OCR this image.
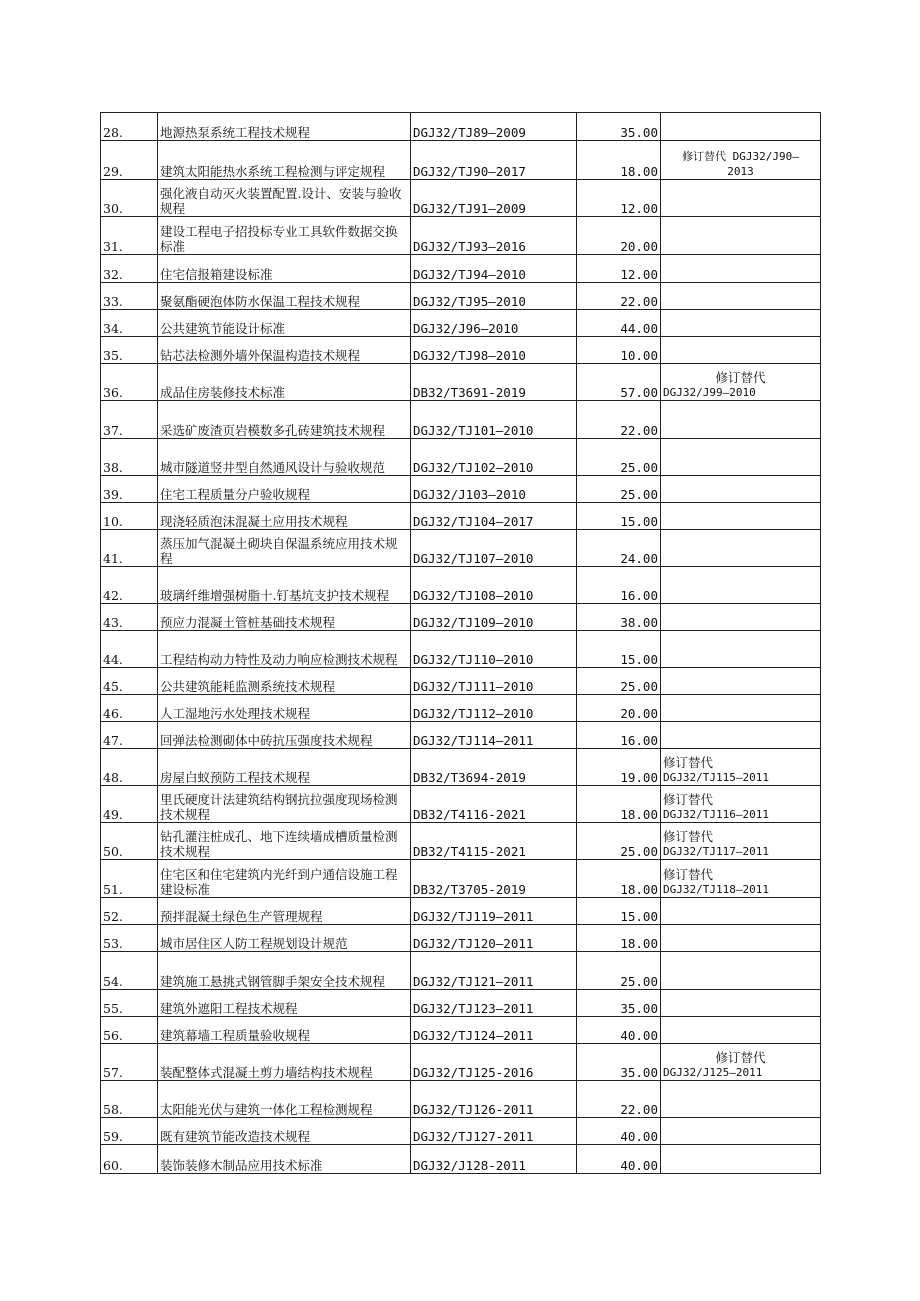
28.	地源热泵系统工程技术规程	DGJ32/TJ89—2009	35.00	
29.	建筑太阳能热水系统工程检测与评定规程	DGJ32/TJ90—2017	18.00	修订替代 DGJ32/J90—
2013

30.	强化液自动灭火装置配置.设计、安装与验收规程	DGJ32/TJ91—2009	12.00	
31.	建设工程电子招投标专业工具软件数据交换标准	DGJ32/TJ93—2016	20.00	
32.	住宅信报箱建设标准	DGJ32/TJ94—2010	12.00	
33.	聚氨酯硬泡体防水保温工程技术规程	DGJ32/TJ95—2010	22.00	
34.	公共建筑节能设计标准	DGJ32/J96—2010	44.00	
35.	钻芯法检测外墙外保温构造技术规程	DGJ32/TJ98—2010	10.00	
36.	成品住房装修技术标准	DB32/T3691-2019	57.00	修订替代
DGJ32/J99—2010

37.	采选矿废渣页岩模数多孔砖建筑技术规程	DGJ32/TJ101—2010	22.00	
38.	城市隧道竖井型自然通风设计与验收规范	DGJ32/TJ102—2010	25.00	
39.	住宅工程质量分户验收规程	DGJ32/J103—2010	25.00	
10.	现浇轻质泡沫混凝土应用技术规程	DGJ32/TJ104—2017	15.00	
41.	蒸压加气混凝土砌块自保温系统应用技术规程	DGJ32/TJ107—2010	24.00	
42.	玻璃纤维增强树脂十.钉基坑支护技术规程	DGJ32/TJ108—2010	16.00	
43.	预应力混凝土管桩基础技术规程	DGJ32/TJ109—2010	38.00	
44.	工程结构动力特性及动力响应检测技术规程	DGJ32/TJ110—2010	15.00	
45.	公共建筑能耗监测系统技术规程	DGJ32/TJ111—2010	25.00	
46.	人工湿地污水处理技术规程	DGJ32/TJ112—2010	20.00	
47.	回弹法检测砌体中砖抗压强度技术规程	DGJ32/TJ114—2011	16.00	
48.	房屋白蚁预防工程技术规程	DB32/T3694-2019	19.00	修订替代
DGJ32/TJ115—2011

49.	里氏硬度计法建筑结构钢抗拉强度现场检测技术规程	DB32/T4116-2021	18.00	修订替代
DGJ32/TJ116—2011

50.	钻孔灌注桩成孔、地下连续墙成槽质量检测技术规程	DB32/T4115-2021	25.00	修订替代
DGJ32/TJ117—2011

51.	住宅区和住宅建筑内光纤到户通信设施工程建设标准	DB32/T3705-2019	18.00	修订替代
DGJ32/TJ118—2011

52.	预拌混凝土绿色生产管理规程	DGJ32/TJ119—2011	15.00	
53.	城市居住区人防工程规划设计规范	DGJ32/TJ120—2011	18.00	
54.	建筑施工悬挑式钢管脚手架安全技术规程	DGJ32/TJ121—2011	25.00	
55.	建筑外遮阳工程技术规程	DGJ32/TJ123—2011	35.00	
56.	建筑幕墙工程质量验收规程	DGJ32/TJ124—2011	40.00	
57.	装配整体式混凝土剪力墙结构技术规程	DGJ32/TJ125-2016	35.00	修订替代
DGJ32/J125—2011

58.	太阳能光伏与建筑一体化工程检测规程	DGJ32/TJ126-2011	22.00	
59.	既有建筑节能改造技术规程	DGJ32/TJ127-2011	40.00	
60.	装饰装修木制品应用技术标准	DGJ32/J128-2011	40.00	
